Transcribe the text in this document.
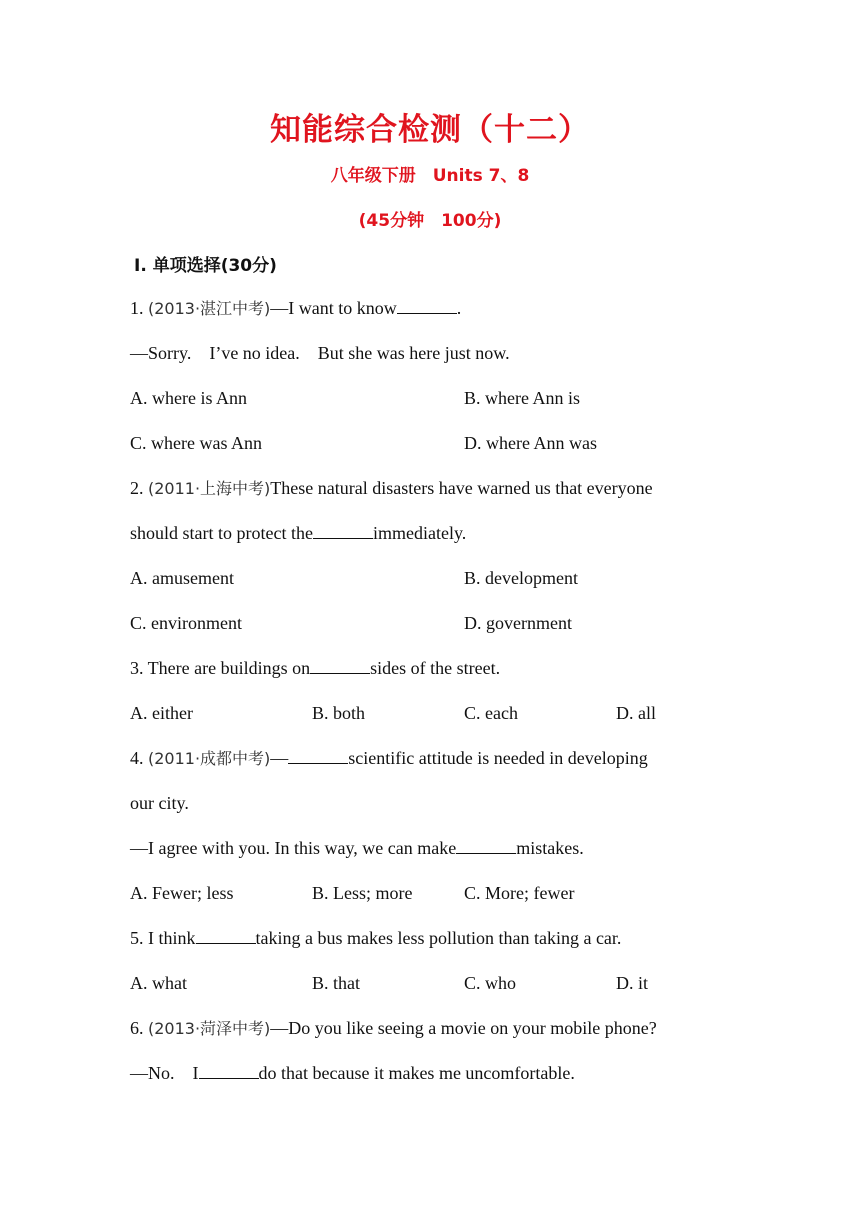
知能综合检测（十二）
八年级下册　Units 7、8
(45分钟　100分)
Ⅰ. 单项选择(30分)
1. (2013·湛江中考)—I want to know	.
—Sorry.　I’ve no idea.　But she was here just now.
A. where is Ann	B. where Ann is
C. where was Ann	D. where Ann was
2. (2011·上海中考)These natural disasters have warned us that everyone
should start to protect the	immediately.
A. amusement	B. development
C. environment	D. government
3. There are buildings on	sides of the street.
A. either	B. both	C. each	D. all
4. (2011·成都中考)—	scientific attitude is needed in developing
our city.
—I agree with you. In this way, we can make	mistakes.
A. Fewer; less	B. Less; more	C. More; fewer
5. I think	taking a bus makes less pollution than taking a car.
A. what	B. that	C. who	D. it
6. (2013·菏泽中考)—Do you like seeing a movie on your mobile phone?
—No.　I	do that because it makes me uncomfortable.
